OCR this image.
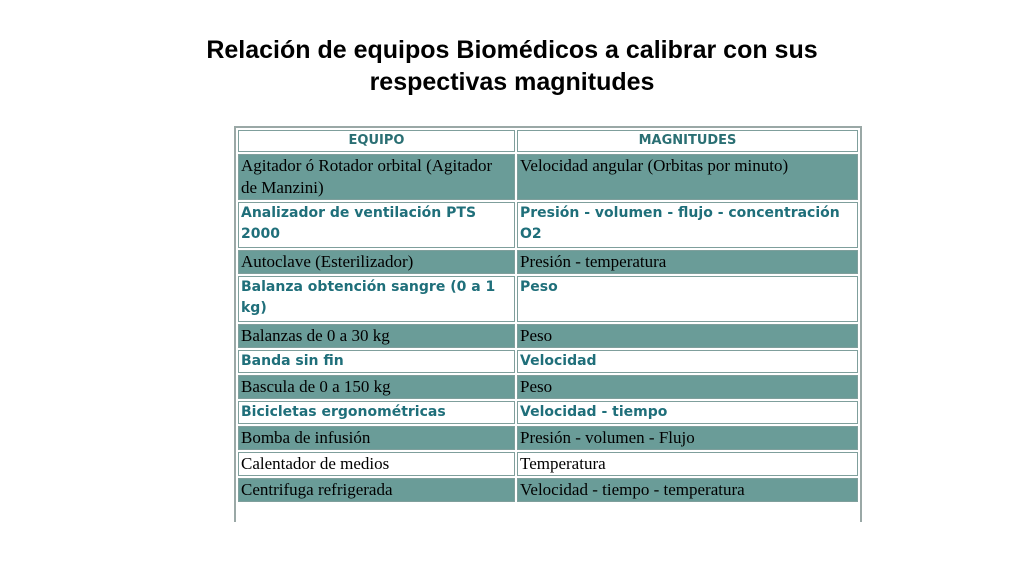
Relación de equipos Biomédicos a calibrar con sus
respectivas magnitudes
EQUIPO	MAGNITUDES
Agitador ó Rotador orbital (Agitador de Manzini)	Velocidad angular (Orbitas por minuto)
Analizador de ventilación PTS 2000	Presión - volumen - flujo - concentración O2
Autoclave (Esterilizador)	Presión - temperatura
Balanza obtención sangre (0 a 1 kg)	Peso
Balanzas de 0 a 30 kg	Peso
Banda sin fin	Velocidad
Bascula de 0 a 150 kg	Peso
Bicicletas ergonométricas	Velocidad - tiempo
Bomba de infusión	Presión - volumen - Flujo
Calentador de medios	Temperatura
Centrifuga refrigerada	Velocidad - tiempo - temperatura
